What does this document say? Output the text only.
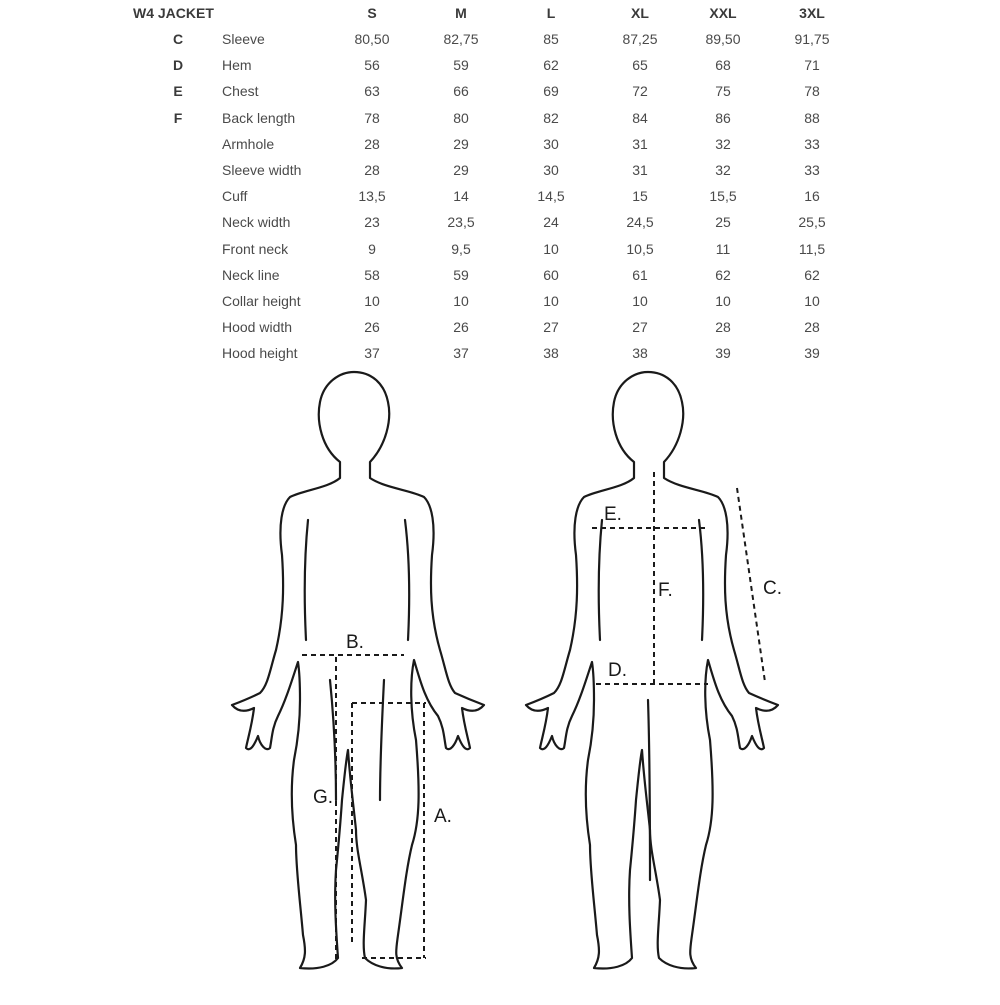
W4 JACKET	S	M	L	XL	XXL	3XL
C	Sleeve	80,50	82,75	85	87,25	89,50	91,75
D	Hem	56	59	62	65	68	71
E	Chest	63	66	69	72	75	78
F	Back length	78	80	82	84	86	88
Armhole	28	29	30	31	32	33
Sleeve width	28	29	30	31	32	33
Cuff	13,5	14	14,5	15	15,5	16
Neck width	23	23,5	24	24,5	25	25,5
Front neck	9	9,5	10	10,5	11	11,5
Neck line	58	59	60	61	62	62
Collar height	10	10	10	10	10	10
Hood width	26	26	27	27	28	28
Hood height	37	37	38	38	39	39
B.
G.
A.
E.
F.
D.
C.
